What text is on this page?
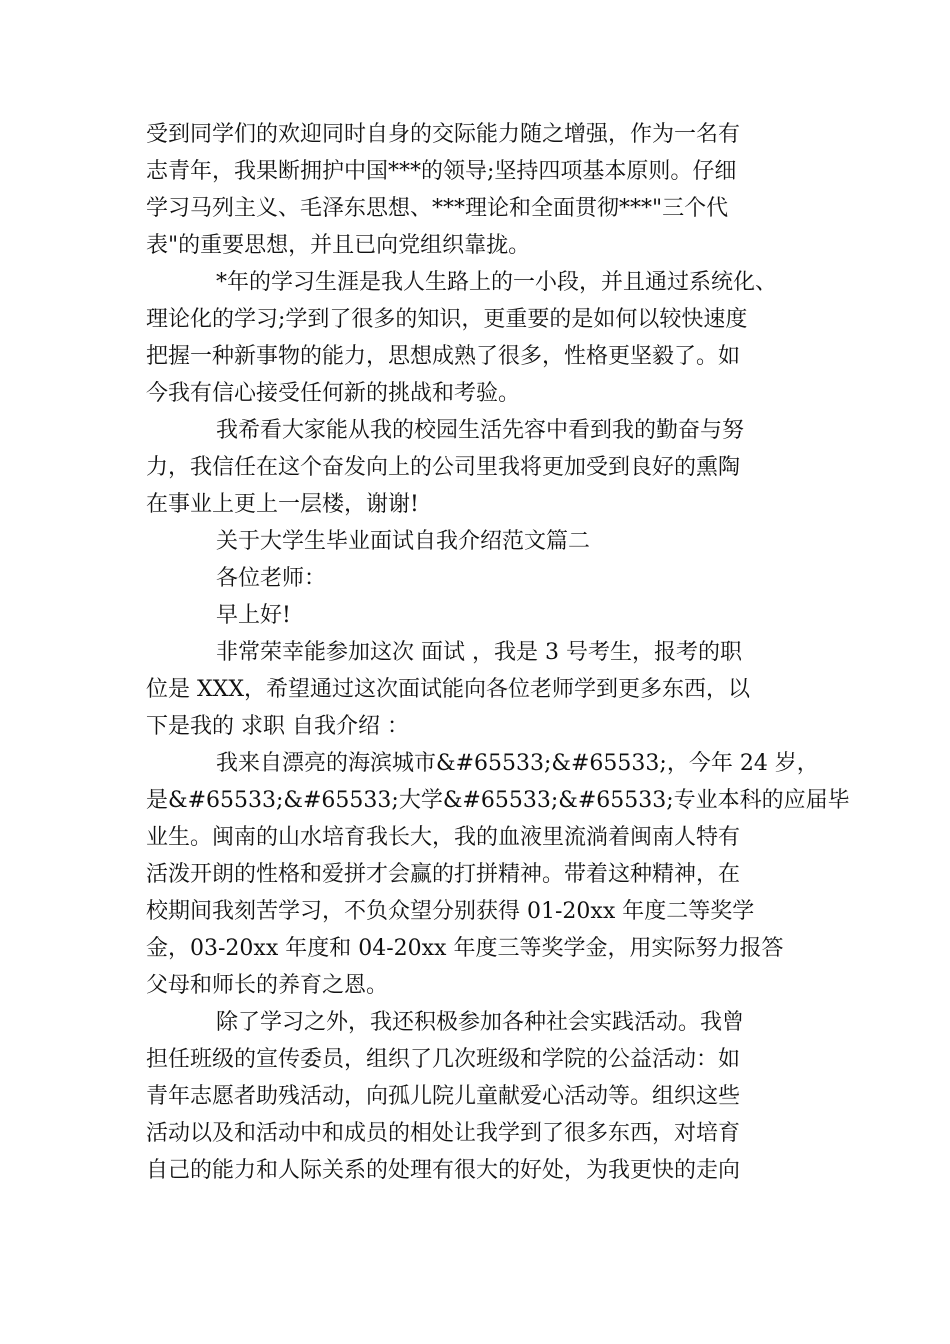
受到同学们的欢迎同时自身的交际能力随之增强，作为一名有
志青年，我果断拥护中国***的领导;坚持四项基本原则。仔细
学习马列主义、毛泽东思想、***理论和全面贯彻***"三个代
表"的重要思想，并且已向党组织靠拢。
*年的学习生涯是我人生路上的一小段，并且通过系统化、
理论化的学习;学到了很多的知识，更重要的是如何以较快速度
把握一种新事物的能力，思想成熟了很多，性格更坚毅了。如
今我有信心接受任何新的挑战和考验。
我希看大家能从我的校园生活先容中看到我的勤奋与努
力，我信任在这个奋发向上的公司里我将更加受到良好的熏陶
在事业上更上一层楼，谢谢!
关于大学生毕业面试自我介绍范文篇二
各位老师：
早上好!
非常荣幸能参加这次 面试 ，我是 3 号考生，报考的职
位是 XXX，希望通过这次面试能向各位老师学到更多东西，以
下是我的 求职 自我介绍 ：
我来自漂亮的海滨城市&#65533;&#65533;，今年 24 岁，
是&#65533;&#65533;大学&#65533;&#65533;专业本科的应届毕
业生。闽南的山水培育我长大，我的血液里流淌着闽南人特有
活泼开朗的性格和爱拼才会赢的打拼精神。带着这种精神，在
校期间我刻苦学习，不负众望分别获得 01-20xx 年度二等奖学
金，03-20xx 年度和 04-20xx 年度三等奖学金，用实际努力报答
父母和师长的养育之恩。
除了学习之外，我还积极参加各种社会实践活动。我曾
担任班级的宣传委员，组织了几次班级和学院的公益活动：如
青年志愿者助残活动，向孤儿院儿童献爱心活动等。组织这些
活动以及和活动中和成员的相处让我学到了很多东西，对培育
自己的能力和人际关系的处理有很大的好处，为我更快的走向
